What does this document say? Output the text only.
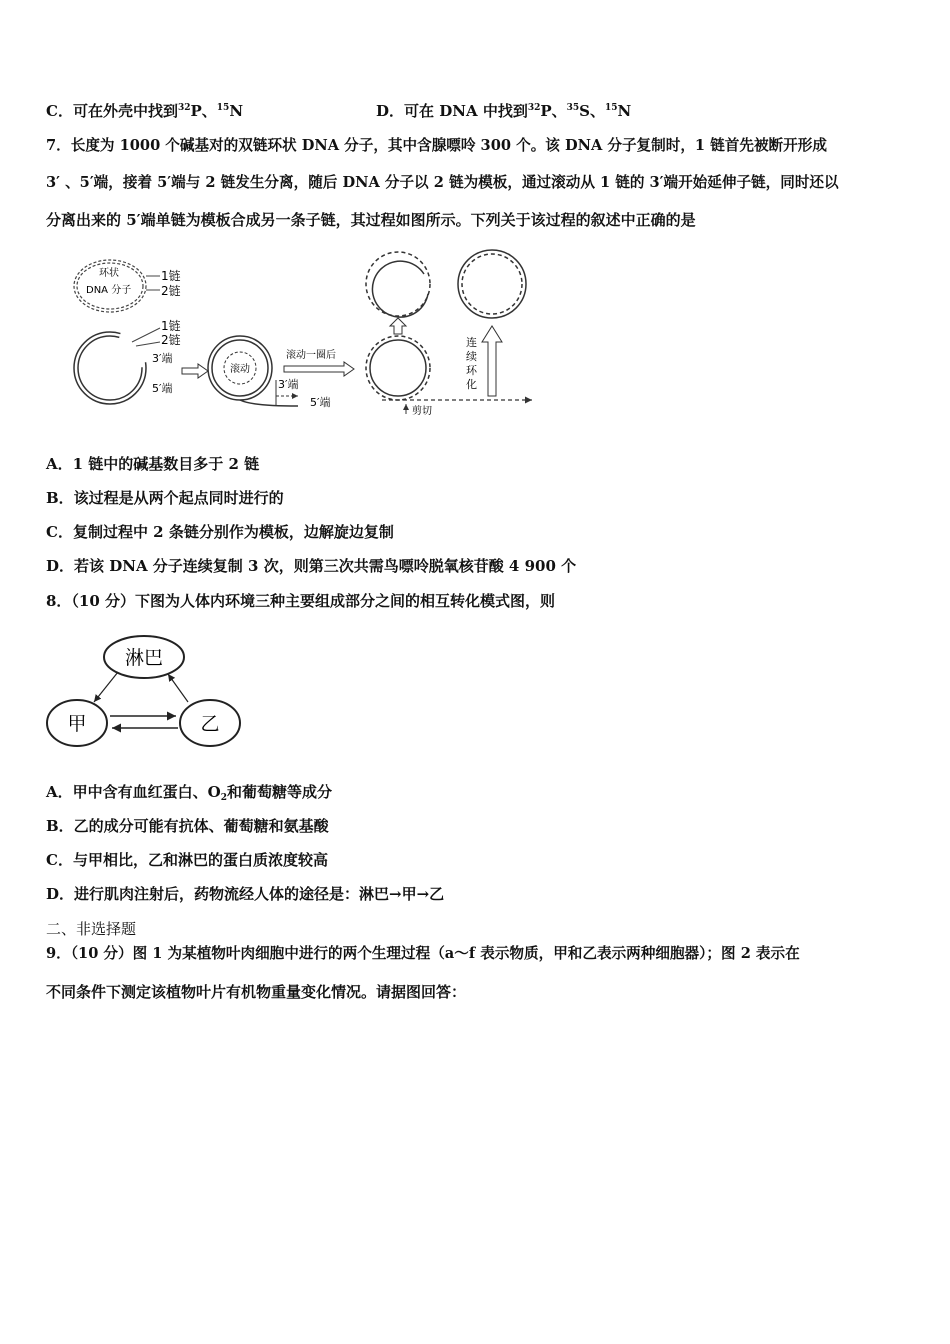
C．可在外壳中找到$^{32}$P、$^{15}$N	D．可在 DNA 中找到$^{32}$P、$^{35}$S、$^{15}$N
7．长度为 1000 个碱基对的双链环状 DNA 分子，其中含腺嘌呤 300 个。该 DNA 分子复制时，1 链首先被断开形成
3′ 、5′端，接着 5′端与 2 链发生分离，随后 DNA 分子以 2 链为模板，通过滚动从 1 链的 3′端开始延伸子链，同时还以
分离出来的 5′端单链为模板合成另一条子链，其过程如图所示。下列关于该过程的叙述中正确的是
环状
DNA 分子
1链
2链
1链
2链
3′端
5′端
滚动
3′端
5′端
滚动一圈后
剪切
连
续
环
化
A．1 链中的碱基数目多于 2 链
B．该过程是从两个起点同时进行的
C．复制过程中 2 条链分别作为模板，边解旋边复制
D．若该 DNA 分子连续复制 3 次，则第三次共需鸟嘌呤脱氧核苷酸 4 900 个
8．（10 分）下图为人体内环境三种主要组成部分之间的相互转化模式图，则
淋巴
甲	乙
A．甲中含有血红蛋白、$O_2$和葡萄糖等成分
B．乙的成分可能有抗体、葡萄糖和氨基酸
C．与甲相比，乙和淋巴的蛋白质浓度较高
D．进行肌肉注射后，药物流经人体的途径是：淋巴→甲→乙
二、非选择题
9．（10 分）图 1 为某植物叶肉细胞中进行的两个生理过程（a～f 表示物质，甲和乙表示两种细胞器）；图 2 表示在
不同条件下测定该植物叶片有机物重量变化情况。请据图回答：
